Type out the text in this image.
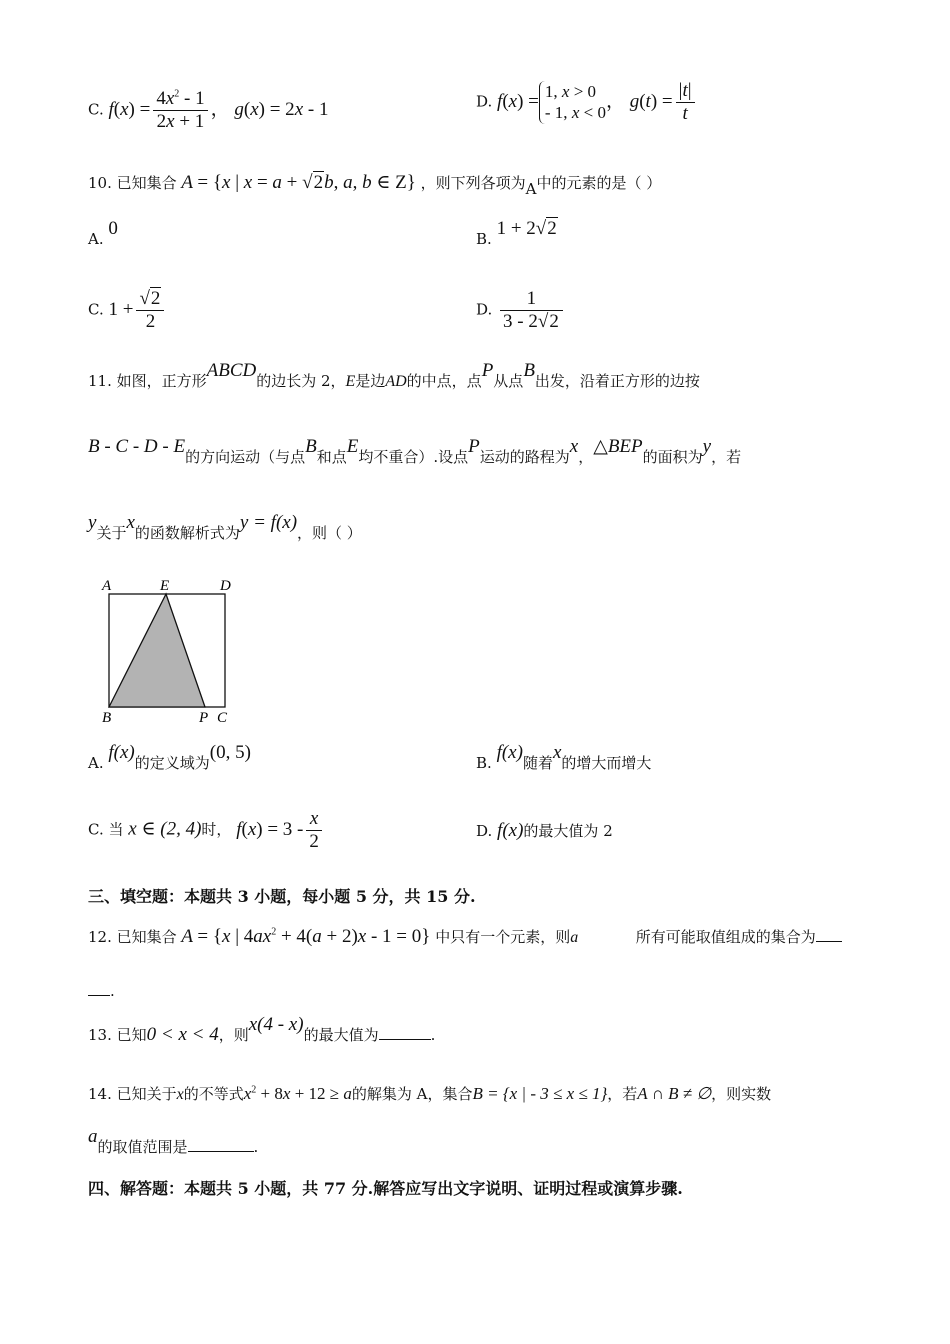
C. $f(x) = \frac{4x^2 - 1}{2x + 1}$ ， g(x) = 2x - 1	D. f(x) = 1, x > 0
- 1, x < 0， $g(t) = \frac{|t|}{t}$
10. 已知集合 A = {x | x = a + √2b, a, b ∈ Z} ，则下列各项为A中的元素的是（ ）
A. 0	B. 1 + 2√2
C. $1 + \frac{√2}{2}$	D. $\frac{1}{3 - 2√2}$
11. 如图，正方形ABCD的边长为 2，E是边AD的中点，点P从点B出发，沿着正方形的边按
B - C - D - E的方向运动（与点B和点E均不重合）.设点P运动的路程为x，△BEP的面积为y，若
y关于x的函数解析式为y = f(x)，则（ ）
A	E	D
B	P C
A. f(x)的定义域为(0, 5)	B. f(x)随着x的增大而增大
C. 当 x ∈ (2, 4)时， $f(x) = 3 - \frac{x}{2}$	D. f(x)的最大值为 2
三、填空题：本题共 3 小题，每小题 5 分，共 15 分.
12. 已知集合 A = {x | $4ax^2 + 4(a + 2)x - 1 = 0$} 中只有一个元素，则a	所有可能取值组成的集合为
.
13. 已知0 < x < 4，则x(4 - x)的最大值为	.
14. 已知关于x的不等式$x^2 + 8x + 12 \ge a$的解集为 A，集合B = {x | - 3 ≤ x ≤ 1}，若A ∩ B ≠ ∅，则实数
a的取值范围是	.
四、解答题：本题共 5 小题，共 77 分.解答应写出文字说明、证明过程或演算步骤.
